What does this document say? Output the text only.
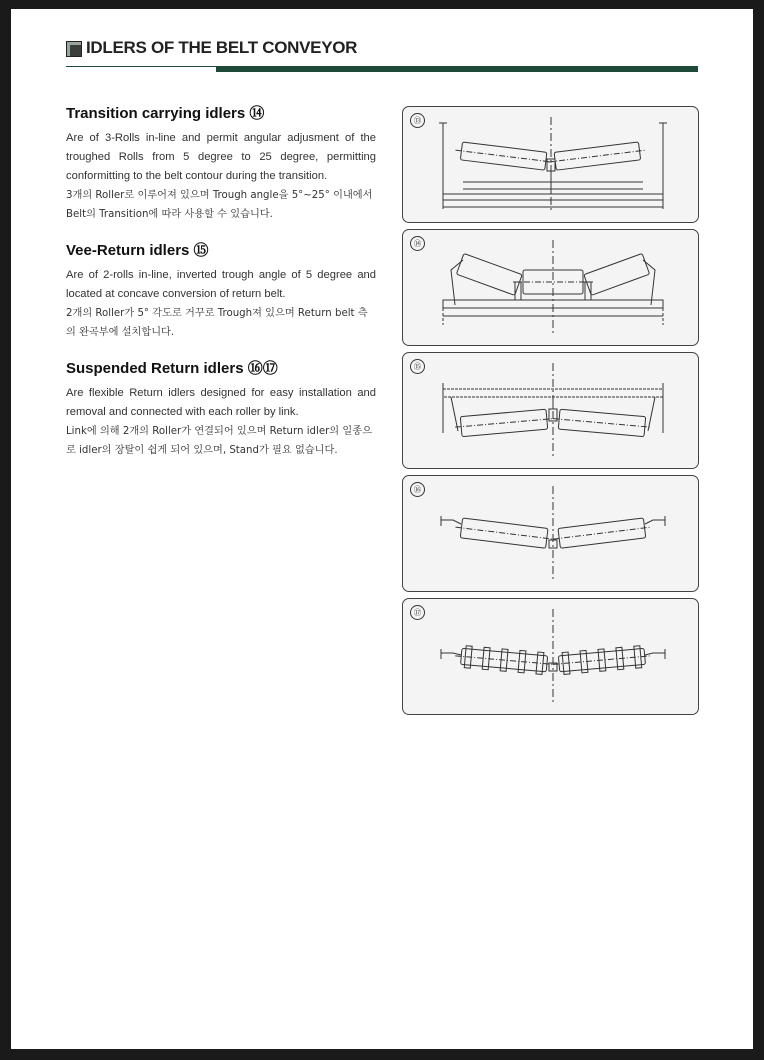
IDLERS OF THE BELT CONVEYOR
Transition carrying idlers ⑭

Are of 3-Rolls in-line and permit angular adjusment of the troughed Rolls from 5 degree to 25 degree, permitting conformitting to the belt contour during the transition.

3개의 Roller로 이루어져 있으며 Trough angle을 5°~25° 이내에서 Belt의 Transition에 따라 사용할 수 있습니다.

Vee-Return idlers ⑮

Are of 2-rolls in-line, inverted trough angle of 5 degree and located at concave conversion of return belt.

2개의 Roller가 5° 각도로 거꾸로 Trough져 있으며 Return belt 측의 완곡부에 설치합니다.

Suspended Return idlers ⑯⑰

Are flexible Return idlers designed for easy installation and removal and connected with each roller by link.

Link에 의해 2개의 Roller가 연결되어 있으며 Return idler의 일종으로 idler의 장탈이 쉽게 되어 있으며, Stand가 필요 없습니다.

⑬
⑭
⑮
⑯
⑰
